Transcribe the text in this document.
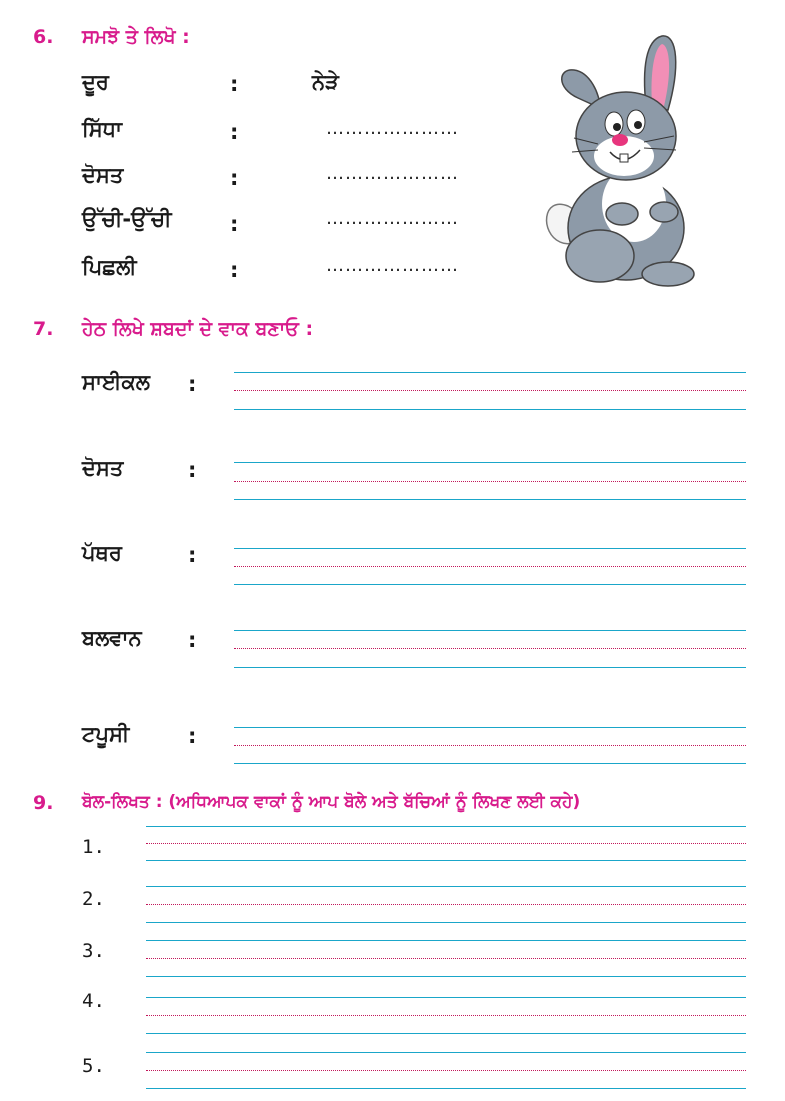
6. ਸਮਝੋ ਤੇ ਲਿਖੋ :
ਦੂਰ	:	ਨੇੜੇ
ਸਿੱਧਾ	:	…………………
ਦੋਸਤ	:	…………………
ਉੱਚੀ-ਉੱਚੀ	:	…………………
ਪਿਛਲੀ	:	…………………
7. ਹੇਠ ਲਿਖੇ ਸ਼ਬਦਾਂ ਦੇ ਵਾਕ ਬਣਾਓ :
ਸਾਈਕਲ :
ਦੋਸਤ	:
ਪੱਥਰ	:
ਬਲਵਾਨ :
ਟਪੂਸੀ	:
9. ਬੋਲ-ਲਿਖਤ : (ਅਧਿਆਪਕ ਵਾਕਾਂ ਨੂੰ ਆਪ ਬੋਲੇ ਅਤੇ ਬੱਚਿਆਂ ਨੂੰ ਲਿਖਣ ਲਈ ਕਹੇ)
1.
2.
3.
4.
5.
